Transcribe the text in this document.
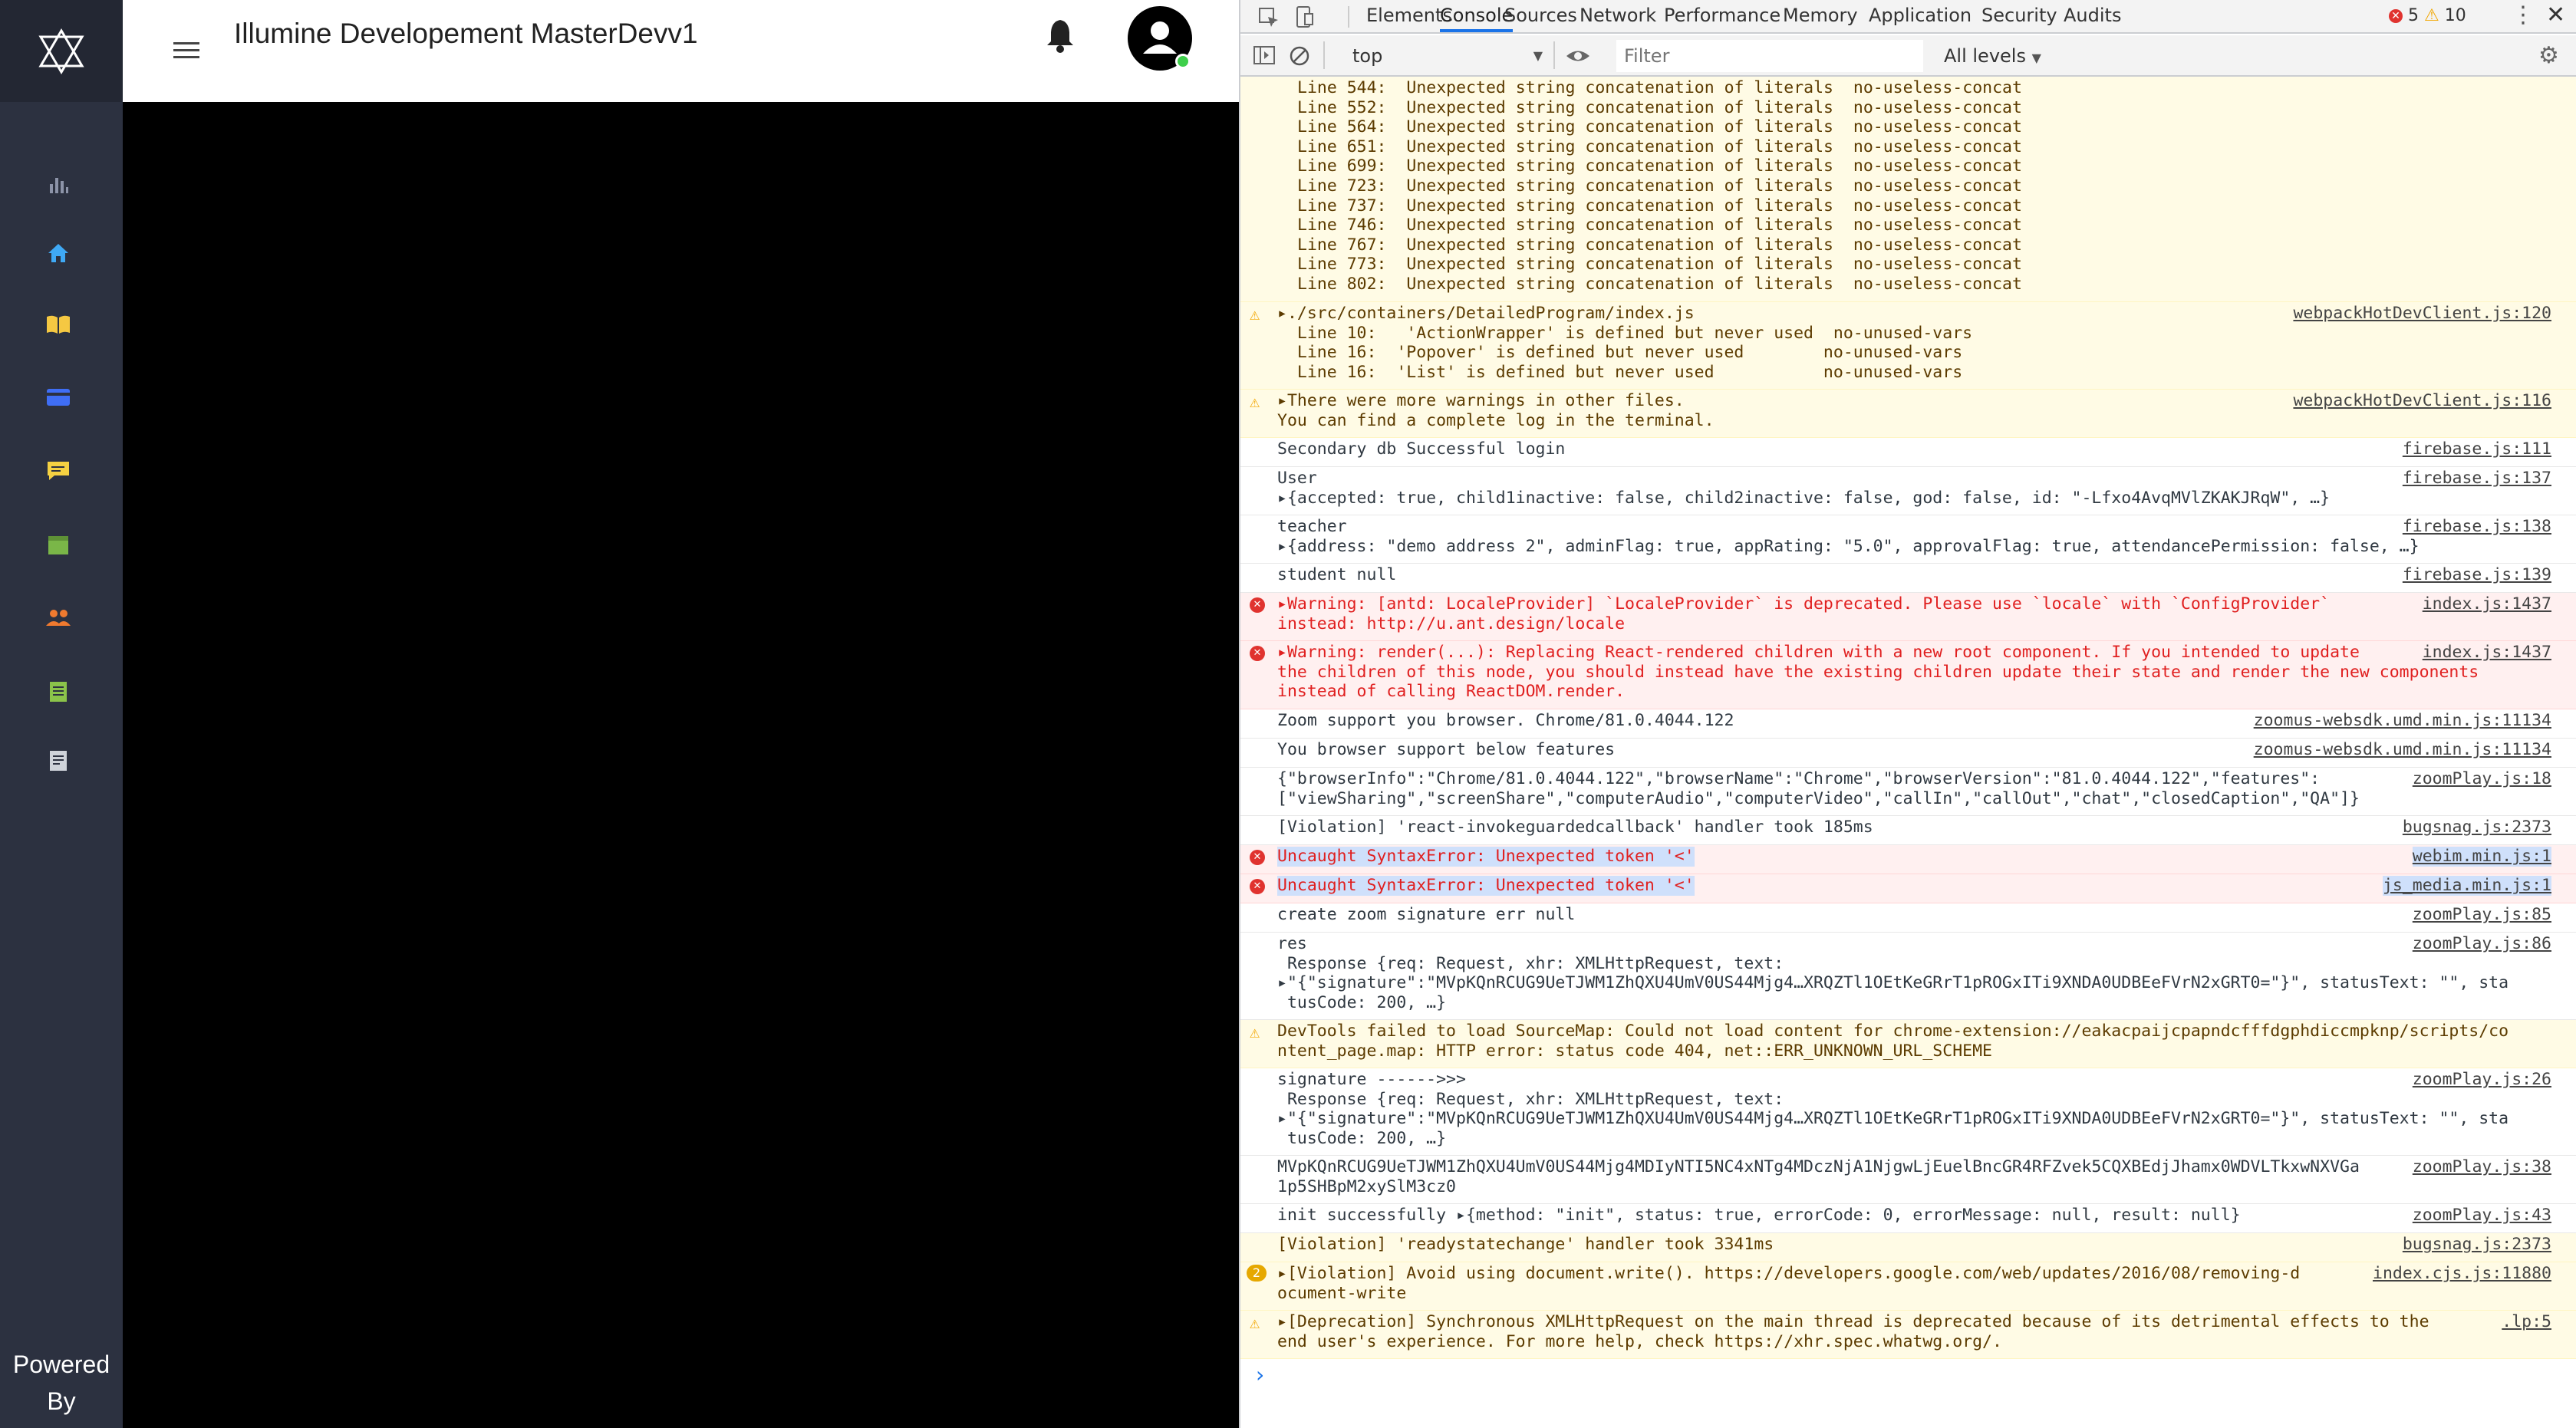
Powered By
Illumine Developement MasterDevv1
Elements
Console
Sources Network Performance Memory Application Security Audits	✕ 5 ⚠ 10 ⋮ ✕
top	▼
Filter	All levels ▼	⚙
Line 544:  Unexpected string concatenation of literals  no-useless-concat
Line 552:  Unexpected string concatenation of literals  no-useless-concat
Line 564:  Unexpected string concatenation of literals  no-useless-concat
Line 651:  Unexpected string concatenation of literals  no-useless-concat
Line 699:  Unexpected string concatenation of literals  no-useless-concat
Line 723:  Unexpected string concatenation of literals  no-useless-concat
Line 737:  Unexpected string concatenation of literals  no-useless-concat
Line 746:  Unexpected string concatenation of literals  no-useless-concat
Line 767:  Unexpected string concatenation of literals  no-useless-concat
Line 773:  Unexpected string concatenation of literals  no-useless-concat
Line 802:  Unexpected string concatenation of literals  no-useless-concat
⚠	▸./src/containers/DetailedProgram/index.js
Line 10:   'ActionWrapper' is defined but never used  no-unused-vars
Line 16:  'Popover' is defined but never used        no-unused-vars
Line 16:  'List' is defined but never used           no-unused-vars
webpackHotDevClient.js:120
⚠	▸There were more warnings in other files.
You can find a complete log in the terminal.
webpackHotDevClient.js:116
Secondary db Successful login	firebase.js:111
User
▸{accepted: true, child1inactive: false, child2inactive: false, god: false, id: "-Lfxo4AvqMVlZKAKJRqW", …}
firebase.js:137
teacher
▸{address: "demo address 2", adminFlag: true, appRating: "5.0", approvalFlag: true, attendancePermission: false, …}
firebase.js:138
student null	firebase.js:139
✕ ▸Warning: [antd: LocaleProvider] `LocaleProvider` is deprecated. Please use `locale` with `ConfigProvider`
instead: http://u.ant.design/locale
index.js:1437
✕ ▸Warning: render(...): Replacing React-rendered children with a new root component. If you intended to update
the children of this node, you should instead have the existing children update their state and render the new components
instead of calling ReactDOM.render.
index.js:1437
Zoom support you browser. Chrome/81.0.4044.122	zoomus-websdk.umd.min.js:11134
You browser support below features	zoomus-websdk.umd.min.js:11134
{"browserInfo":"Chrome/81.0.4044.122","browserName":"Chrome","browserVersion":"81.0.4044.122","features":
["viewSharing","screenShare","computerAudio","computerVideo","callIn","callOut","chat","closedCaption","QA"]}
zoomPlay.js:18
[Violation] 'react-invokeguardedcallback' handler took 185ms	bugsnag.js:2373
✕ Uncaught SyntaxError: Unexpected token '<'	webim.min.js:1
✕ Uncaught SyntaxError: Unexpected token '<'	js_media.min.js:1
create zoom signature err null	zoomPlay.js:85
res
Response {req: Request, xhr: XMLHttpRequest, text:
▸"{"signature":"MVpKQnRCUG9UeTJWM1ZhQXU4UmV0US44Mjg4…XRQZTl1OEtKeGRrT1pROGxITi9XNDA0UDBEeFVrN2xGRT0="}", statusText: "", sta
tusCode: 200, …}
zoomPlay.js:86
⚠	DevTools failed to load SourceMap: Could not load content for chrome-extension://eakacpaijcpapndcfffdgphdiccmpknp/scripts/co
ntent_page.map: HTTP error: status code 404, net::ERR_UNKNOWN_URL_SCHEME
signature ------>>>
Response {req: Request, xhr: XMLHttpRequest, text:
▸"{"signature":"MVpKQnRCUG9UeTJWM1ZhQXU4UmV0US44Mjg4…XRQZTl1OEtKeGRrT1pROGxITi9XNDA0UDBEeFVrN2xGRT0="}", statusText: "", sta
tusCode: 200, …}
zoomPlay.js:26
MVpKQnRCUG9UeTJWM1ZhQXU4UmV0US44Mjg4MDIyNTI5NC4xNTg4MDczNjA1NjgwLjEuelBncGR4RFZvek5CQXBEdjJhamx0WDVLTkxwNXVGa
1p5SHBpM2xySlM3cz0
zoomPlay.js:38
init successfully ▸{method: "init", status: true, errorCode: 0, errorMessage: null, result: null}	zoomPlay.js:43
[Violation] 'readystatechange' handler took 3341ms	bugsnag.js:2373
2	▸[Violation] Avoid using document.write(). https://developers.google.com/web/updates/2016/08/removing-d
ocument-write
index.cjs.js:11880
⚠	▸[Deprecation] Synchronous XMLHttpRequest on the main thread is deprecated because of its detrimental effects to the
end user's experience. For more help, check https://xhr.spec.whatwg.org/.
.lp:5
›
